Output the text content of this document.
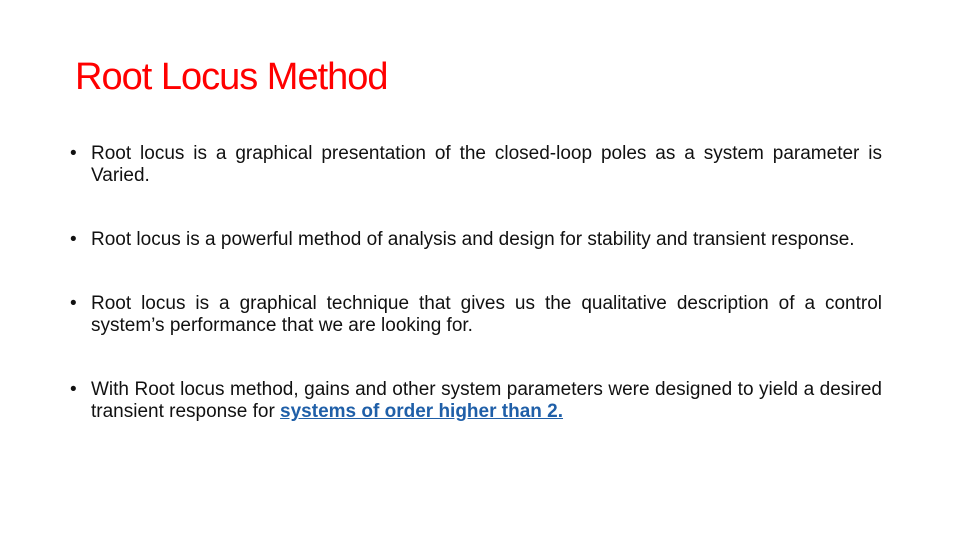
Root Locus Method
• Root locus is a graphical presentation of the closed-loop poles as a system parameter is Varied.
• Root locus is a powerful method of analysis and design for stability and transient response.
• Root locus is a graphical technique that gives us the qualitative description of a control system’s performance that we are looking for.
• With Root locus method, gains and other system parameters were designed to yield a desired transient response for systems of order higher than 2.
